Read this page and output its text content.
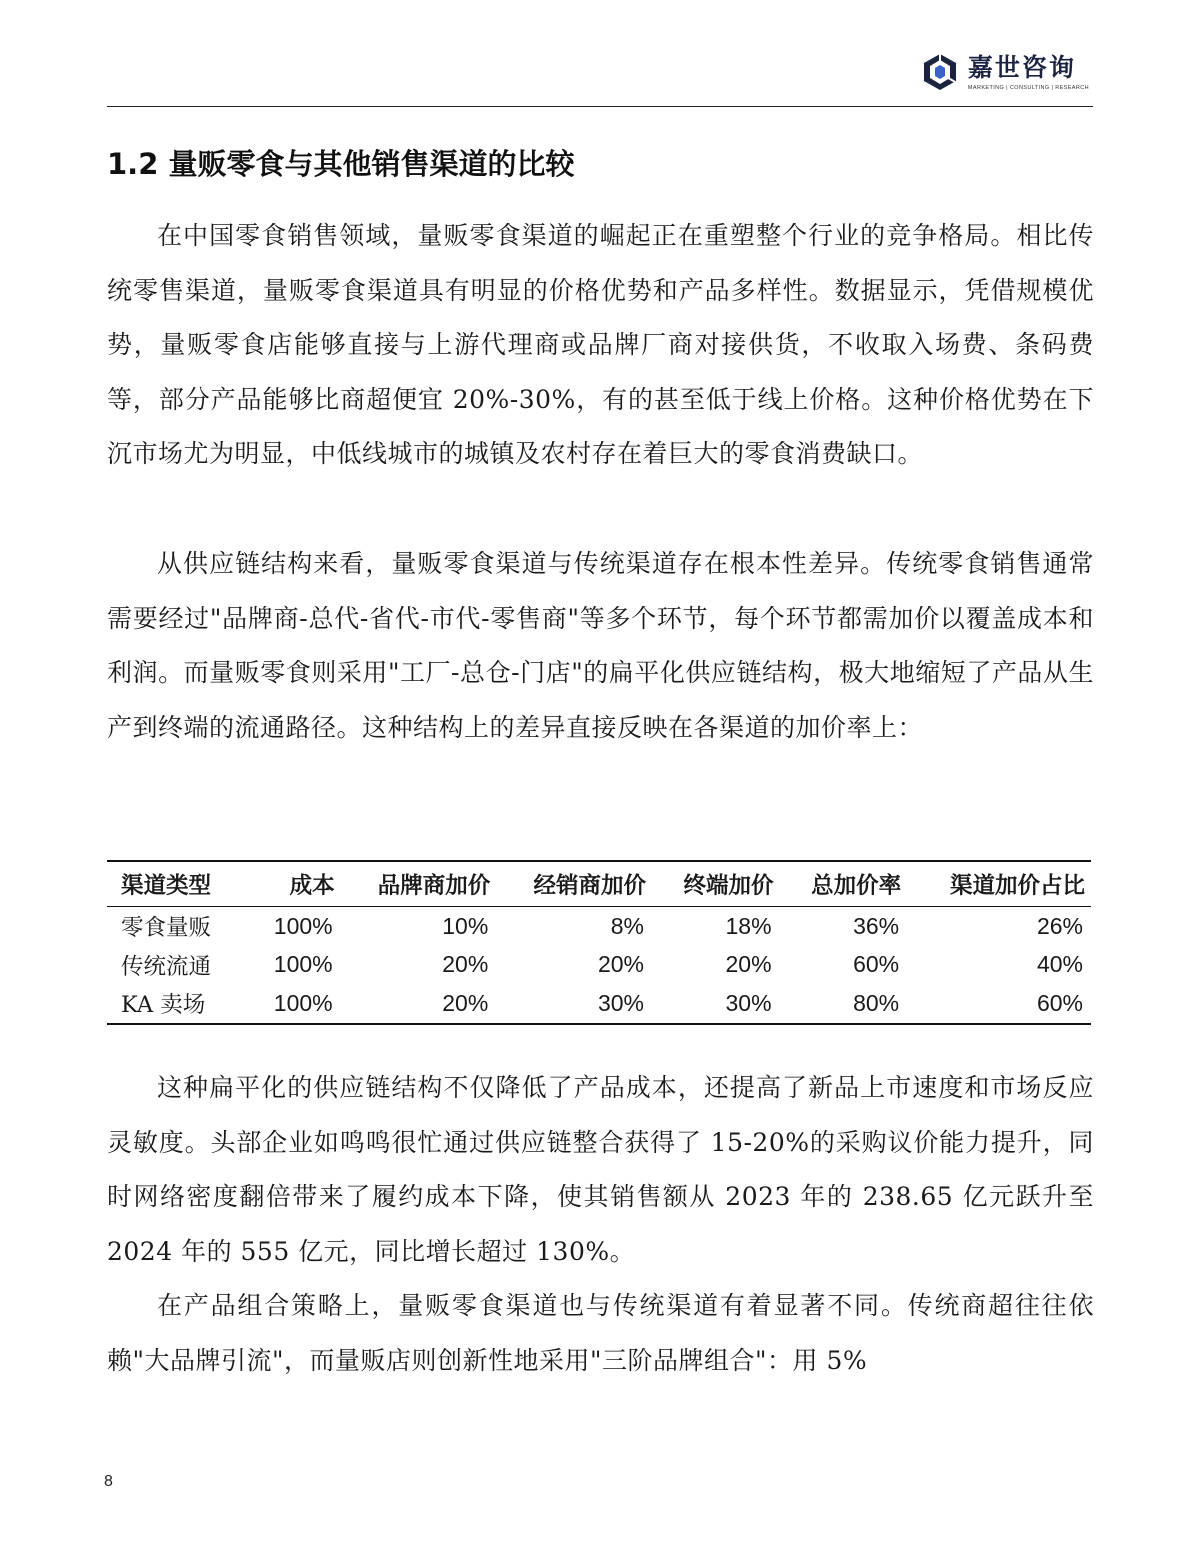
嘉世咨询
MARKETING | CONSULTING | RESEARCH
1.2 量贩零食与其他销售渠道的比较

在中国零食销售领域，量贩零食渠道的崛起正在重塑整个行业的竞争格局。相比传统零售渠道，量贩零食渠道具有明显的价格优势和产品多样性。数据显示，凭借规模优势，量贩零食店能够直接与上游代理商或品牌厂商对接供货，不收取入场费、条码费等，部分产品能够比商超便宜 20%-30%，有的甚至低于线上价格。这种价格优势在下沉市场尤为明显，中低线城市的城镇及农村存在着巨大的零食消费缺口。

从供应链结构来看，量贩零食渠道与传统渠道存在根本性差异。传统零食销售通常需要经过"品牌商-总代-省代-市代-零售商"等多个环节，每个环节都需加价以覆盖成本和利润。而量贩零食则采用"工厂-总仓-门店"的扁平化供应链结构，极大地缩短了产品从生产到终端的流通路径。这种结构上的差异直接反映在各渠道的加价率上：

渠道类型	成本	品牌商加价	经销商加价	终端加价	总加价率	渠道加价占比
零食量贩	100%	10%	8%	18%	36%	26%
传统流通	100%	20%	20%	20%	60%	40%
KA 卖场	100%	20%	30%	30%	80%	60%

这种扁平化的供应链结构不仅降低了产品成本，还提高了新品上市速度和市场反应灵敏度。头部企业如鸣鸣很忙通过供应链整合获得了 15-20%的采购议价能力提升，同时网络密度翻倍带来了履约成本下降，使其销售额从 2023 年的 238.65 亿元跃升至 2024 年的 555 亿元，同比增长超过 130%。

在产品组合策略上，量贩零食渠道也与传统渠道有着显著不同。传统商超往往依赖"大品牌引流"，而量贩店则创新性地采用"三阶品牌组合"：用 5%

8
